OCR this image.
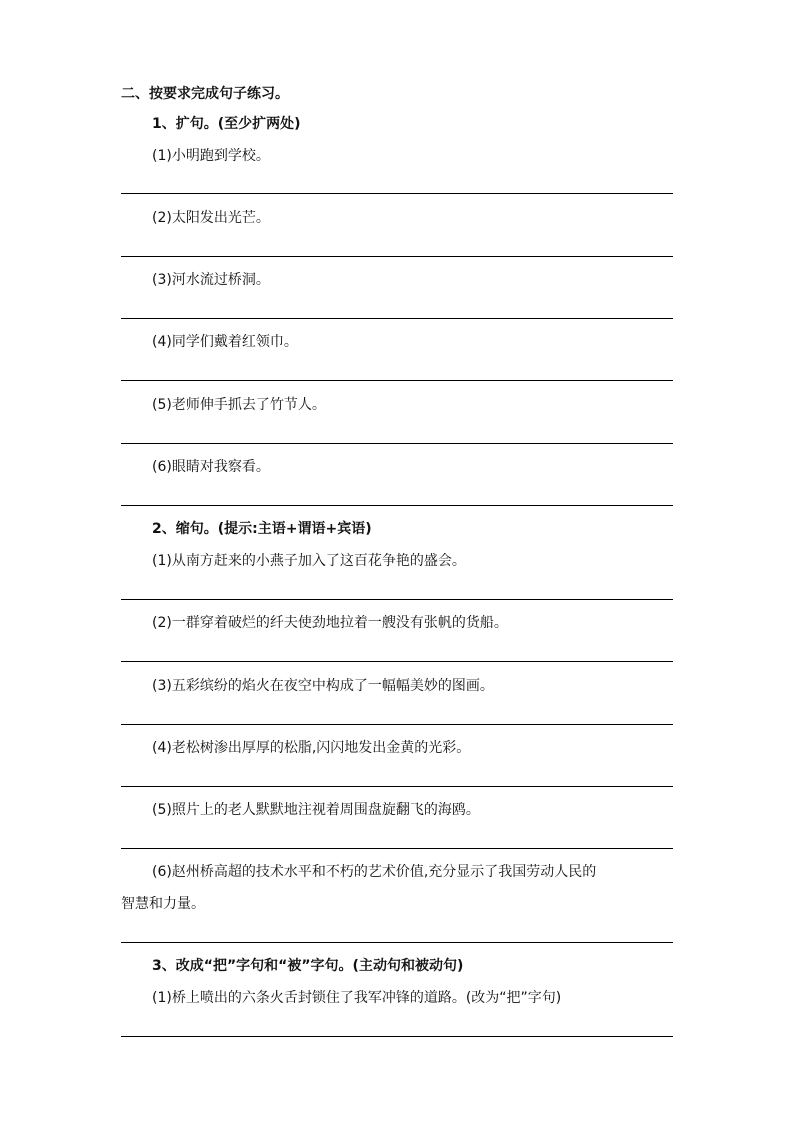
二、按要求完成句子练习。
1、扩句。(至少扩两处)
(1)小明跑到学校。
(2)太阳发出光芒。
(3)河水流过桥洞。
(4)同学们戴着红领巾。
(5)老师伸手抓去了竹节人。
(6)眼睛对我察看。
2、缩句。(提示:主语+谓语+宾语)
(1)从南方赶来的小燕子加入了这百花争艳的盛会。
(2)一群穿着破烂的纤夫使劲地拉着一艘没有张帆的货船。
(3)五彩缤纷的焰火在夜空中构成了一幅幅美妙的图画。
(4)老松树渗出厚厚的松脂,闪闪地发出金黄的光彩。
(5)照片上的老人默默地注视着周围盘旋翻飞的海鸥。
(6)赵州桥高超的技术水平和不朽的艺术价值,充分显示了我国劳动人民的
智慧和力量。
3、改成“把”字句和“被”字句。(主动句和被动句)
(1)桥上喷出的六条火舌封锁住了我军冲锋的道路。(改为“把”字句)
